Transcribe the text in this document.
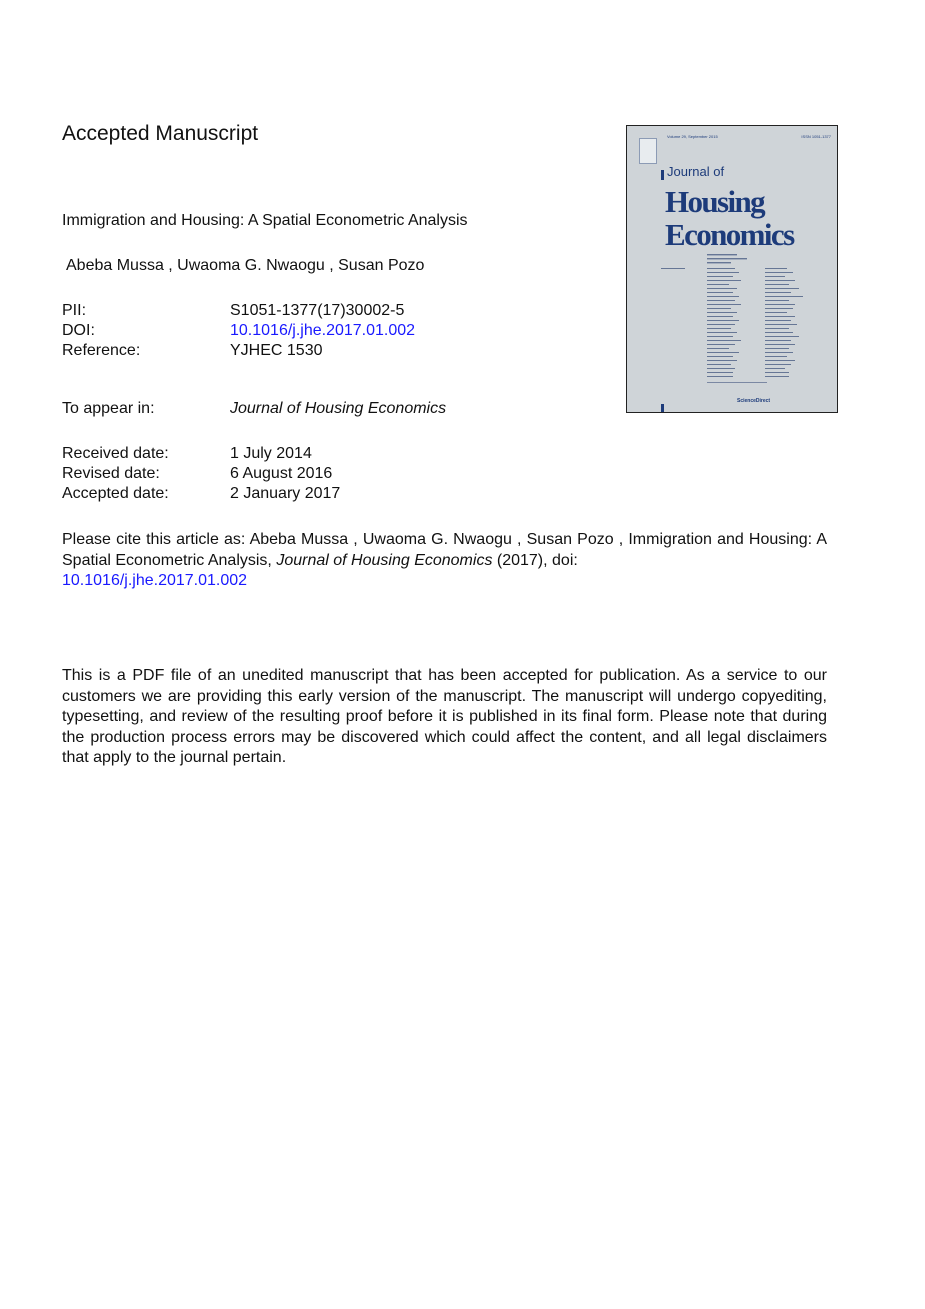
Accepted Manuscript
Immigration and Housing: A Spatial Econometric Analysis
Abeba Mussa , Uwaoma G. Nwaogu , Susan Pozo
PII:	S1051-1377(17)30002-5
DOI:	10.1016/j.jhe.2017.01.002
Reference:	YJHEC 1530
To appear in:	Journal of Housing Economics
Received date:	1 July 2014
Revised date:	6 August 2016
Accepted date:	2 January 2017
Please cite this article as: Abeba Mussa , Uwaoma G. Nwaogu , Susan Pozo , Immigration and Housing: A Spatial Econometric Analysis, Journal of Housing Economics (2017), doi:
10.1016/j.jhe.2017.01.002
This is a PDF file of an unedited manuscript that has been accepted for publication. As a service to our customers we are providing this early version of the manuscript. The manuscript will undergo copyediting, typesetting, and review of the resulting proof before it is published in its final form. Please note that during the production process errors may be discovered which could affect the content, and all legal disclaimers that apply to the journal pertain.
Volume 29, September 2015	ISSN 1051-1377
Journal of
Housing
Economics
ScienceDirect
